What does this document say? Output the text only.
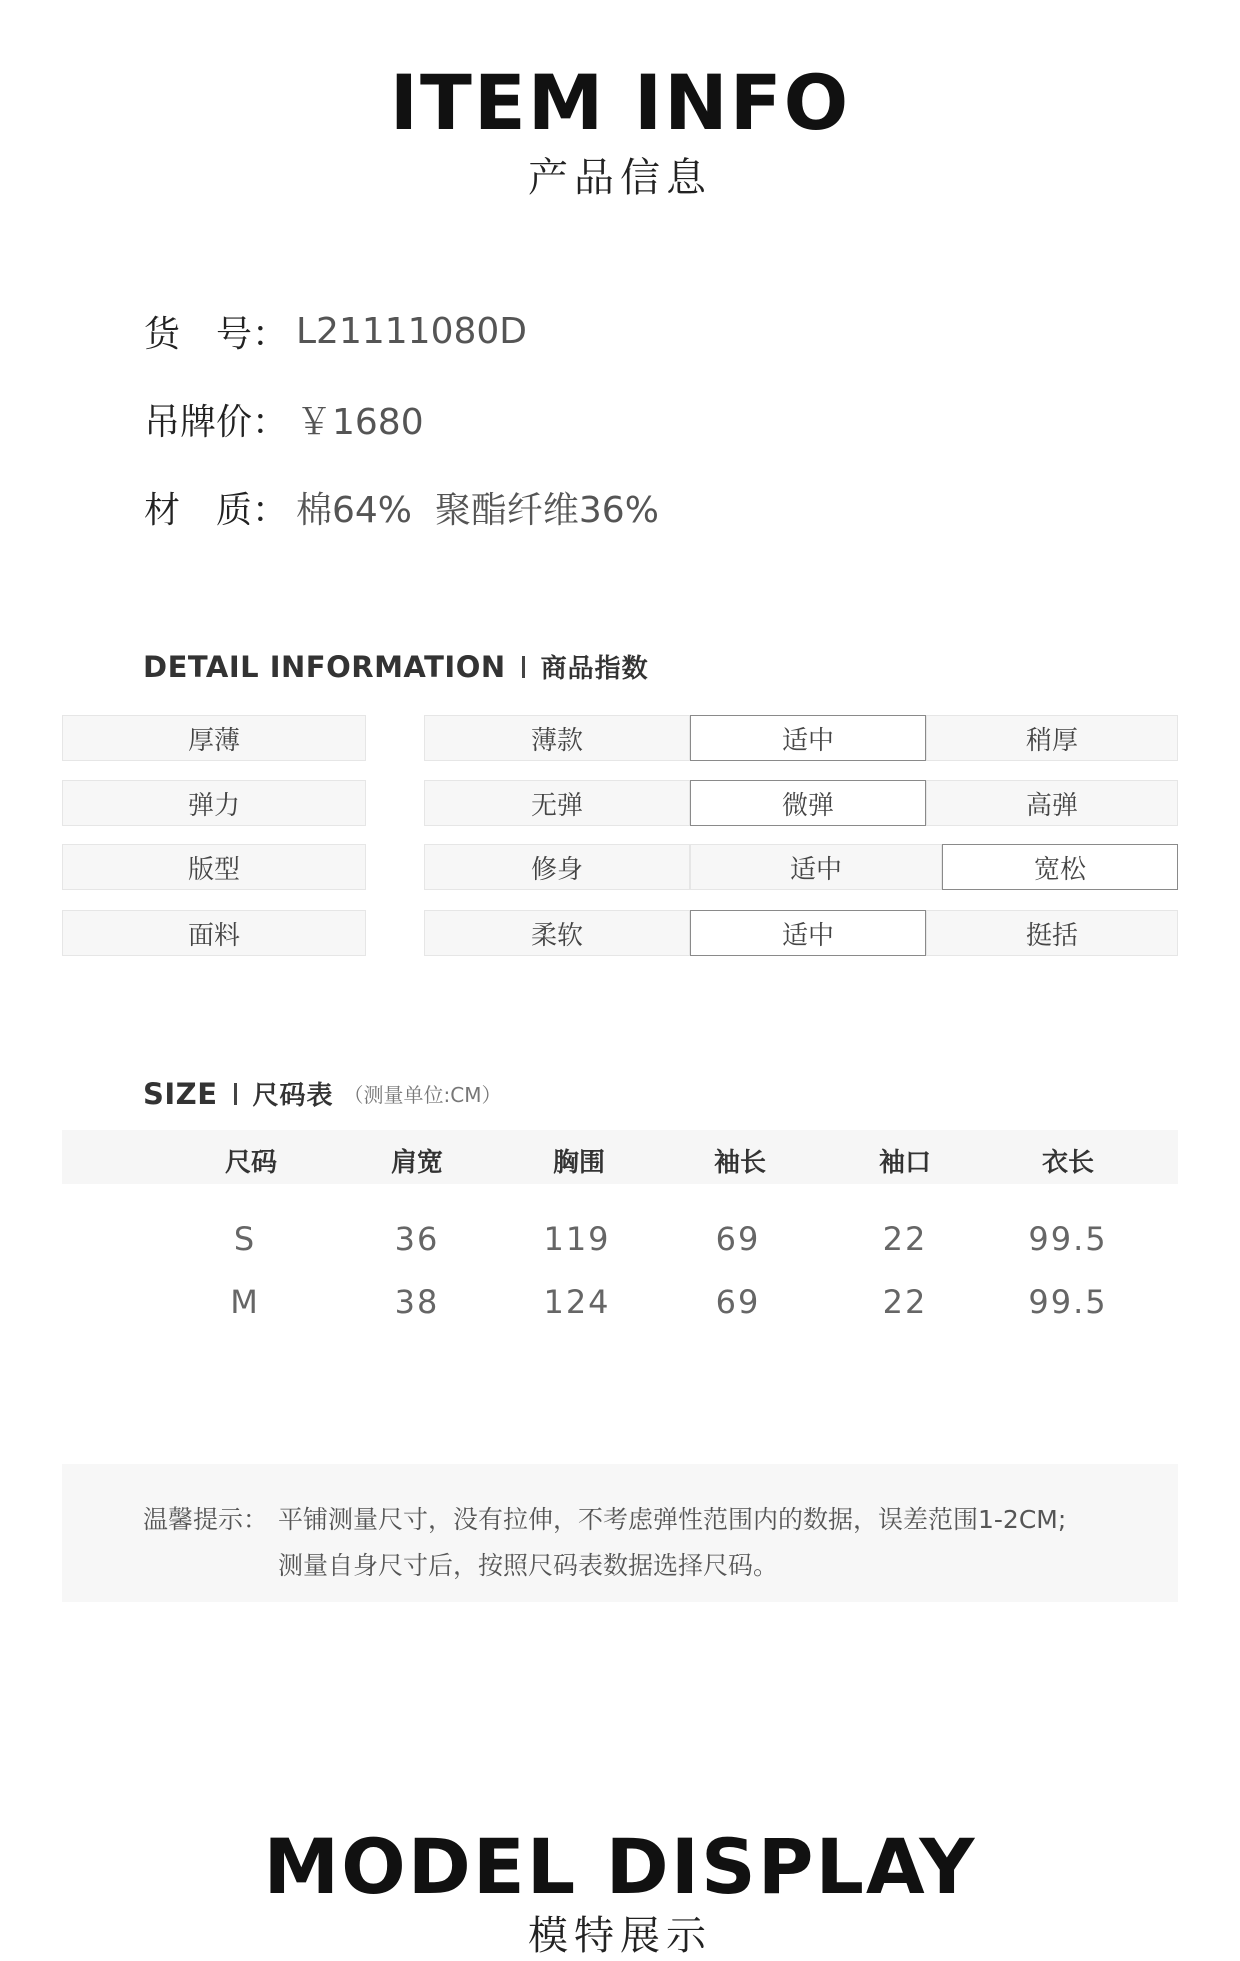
ITEM INFO
产品信息
货　号： L21111080D
吊牌价： ￥1680
材　质： 棉64%  聚酯纤维36%
DETAIL INFORMATION 商品指数
厚薄	薄款	适中	稍厚
弹力	无弹	微弹	高弹
版型	修身	适中	宽松
面料	柔软	适中	挺括
SIZE 尺码表 （测量单位:CM）
尺码	肩宽	胸围	袖长	袖口	衣长
S	36	119	69	22	99.5
M	38	124	69	22	99.5
温馨提示： 平铺测量尺寸，没有拉伸，不考虑弹性范围内的数据，误差范围1-2CM;
测量自身尺寸后，按照尺码表数据选择尺码。
MODEL DISPLAY
模特展示
